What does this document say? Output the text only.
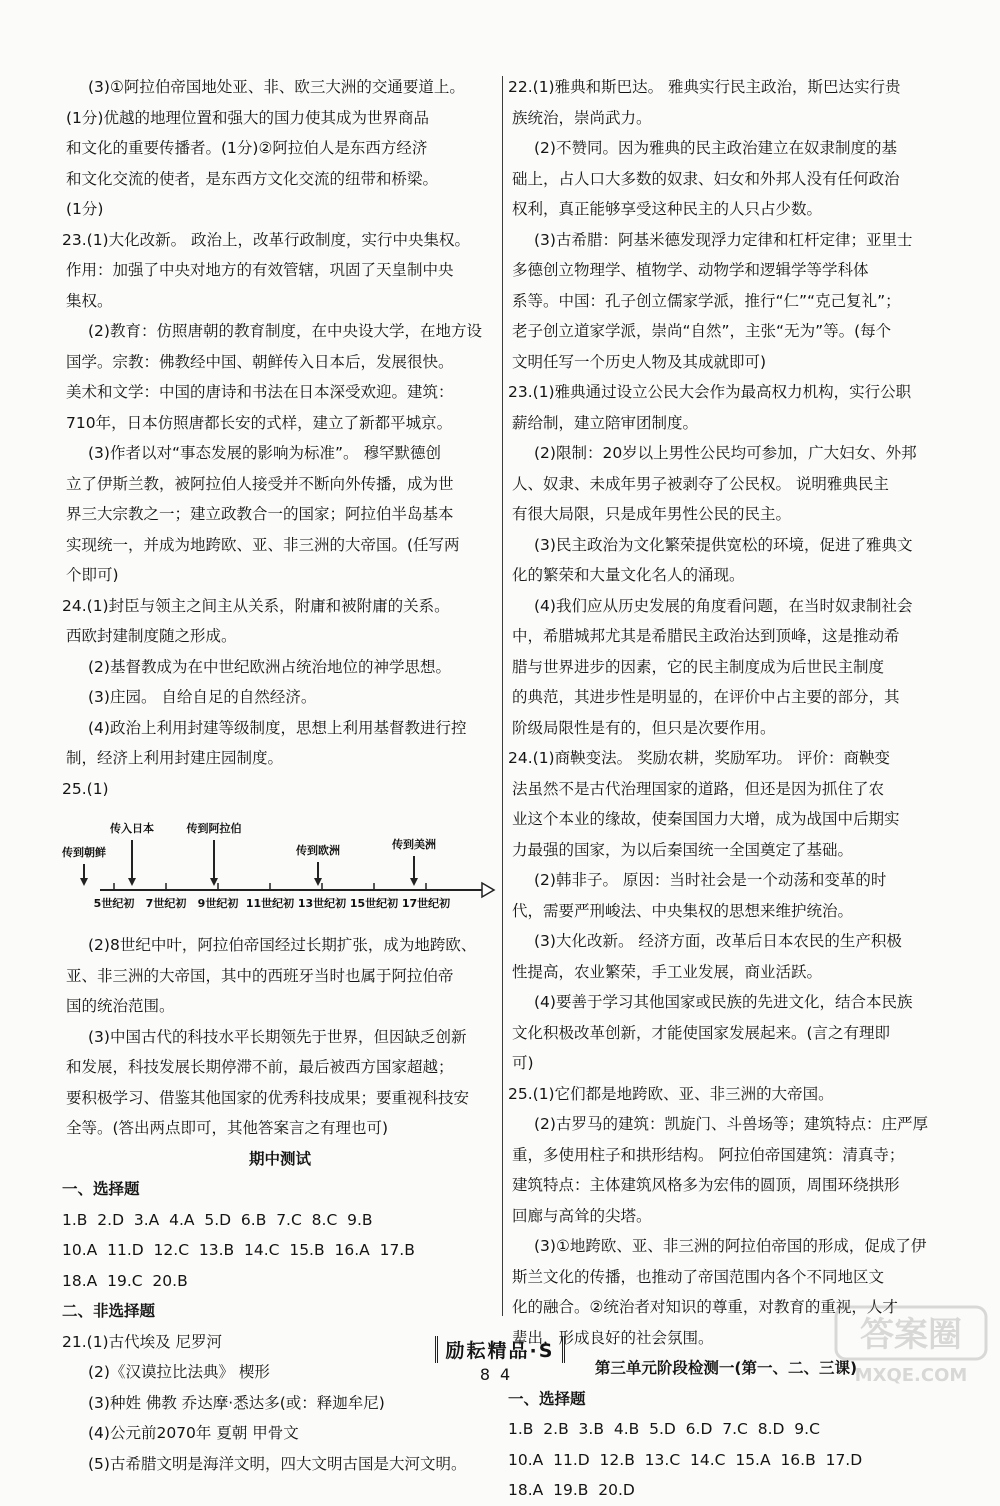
(3)①阿拉伯帝国地处亚、非、欧三大洲的交通要道上。

(1分)优越的地理位置和强大的国力使其成为世界商品

和文化的重要传播者。(1分)②阿拉伯人是东西方经济

和文化交流的使者，是东西方文化交流的纽带和桥梁。

(1分)

23.(1)大化改新。 政治上，改革行政制度，实行中央集权。

作用：加强了中央对地方的有效管辖，巩固了天皇制中央

集权。

(2)教育：仿照唐朝的教育制度，在中央设大学，在地方设

国学。宗教：佛教经中国、朝鲜传入日本后，发展很快。

美术和文学：中国的唐诗和书法在日本深受欢迎。建筑：

710年，日本仿照唐都长安的式样，建立了新都平城京。

(3)作者以对“事态发展的影响为标准”。 穆罕默德创

立了伊斯兰教，被阿拉伯人接受并不断向外传播，成为世

界三大宗教之一；建立政教合一的国家；阿拉伯半岛基本

实现统一，并成为地跨欧、亚、非三洲的大帝国。(任写两

个即可)

24.(1)封臣与领主之间主从关系，附庸和被附庸的关系。

西欧封建制度随之形成。

(2)基督教成为在中世纪欧洲占统治地位的神学思想。

(3)庄园。 自给自足的自然经济。

(4)政治上利用封建等级制度，思想上利用基督教进行控

制，经济上利用封建庄园制度。

25.(1)

5世纪初 7世纪初 9世纪初 11世纪初 13世纪初 15世纪初 17世纪初
传到朝鲜
传入日本	传到阿拉伯
传到欧洲	传到美洲

(2)8世纪中叶，阿拉伯帝国经过长期扩张，成为地跨欧、

亚、非三洲的大帝国，其中的西班牙当时也属于阿拉伯帝

国的统治范围。

(3)中国古代的科技水平长期领先于世界，但因缺乏创新

和发展，科技发展长期停滞不前，最后被西方国家超越；

要积极学习、借鉴其他国家的优秀科技成果；要重视科技安

全等。(答出两点即可，其他答案言之有理也可)

期中测试

一、选择题

1.B  2.D  3.A  4.A  5.D  6.B  7.C  8.C  9.B

10.A  11.D  12.C  13.B  14.C  15.B  16.A  17.B

18.A  19.C  20.B

二、非选择题

21.(1)古代埃及 尼罗河

(2)《汉谟拉比法典》 楔形

(3)种姓 佛教 乔达摩·悉达多(或：释迦牟尼)

(4)公元前2070年 夏朝 甲骨文

(5)古希腊文明是海洋文明，四大文明古国是大河文明。

22.(1)雅典和斯巴达。 雅典实行民主政治，斯巴达实行贵

族统治，崇尚武力。

(2)不赞同。因为雅典的民主政治建立在奴隶制度的基

础上，占人口大多数的奴隶、妇女和外邦人没有任何政治

权利，真正能够享受这种民主的人只占少数。

(3)古希腊：阿基米德发现浮力定律和杠杆定律；亚里士

多德创立物理学、植物学、动物学和逻辑学等学科体

系等。中国：孔子创立儒家学派，推行“仁”“克己复礼”；

老子创立道家学派，崇尚“自然”，主张“无为”等。(每个

文明任写一个历史人物及其成就即可)

23.(1)雅典通过设立公民大会作为最高权力机构，实行公职

薪给制，建立陪审团制度。

(2)限制：20岁以上男性公民均可参加，广大妇女、外邦

人、奴隶、未成年男子被剥夺了公民权。 说明雅典民主

有很大局限，只是成年男性公民的民主。

(3)民主政治为文化繁荣提供宽松的环境，促进了雅典文

化的繁荣和大量文化名人的涌现。

(4)我们应从历史发展的角度看问题，在当时奴隶制社会

中，希腊城邦尤其是希腊民主政治达到顶峰，这是推动希

腊与世界进步的因素，它的民主制度成为后世民主制度

的典范，其进步性是明显的，在评价中占主要的部分，其

阶级局限性是有的，但只是次要作用。

24.(1)商鞅变法。 奖励农耕，奖励军功。 评价：商鞅变

法虽然不是古代治理国家的道路，但还是因为抓住了农

业这个本业的缘故，使秦国国力大增，成为战国中后期实

力最强的国家，为以后秦国统一全国奠定了基础。

(2)韩非子。 原因：当时社会是一个动荡和变革的时

代，需要严刑峻法、中央集权的思想来维护统治。

(3)大化改新。 经济方面，改革后日本农民的生产积极

性提高，农业繁荣，手工业发展，商业活跃。

(4)要善于学习其他国家或民族的先进文化，结合本民族

文化积极改革创新，才能使国家发展起来。(言之有理即

可)

25.(1)它们都是地跨欧、亚、非三洲的大帝国。

(2)古罗马的建筑：凯旋门、斗兽场等；建筑特点：庄严厚

重，多使用柱子和拱形结构。 阿拉伯帝国建筑：清真寺；

建筑特点：主体建筑风格多为宏伟的圆顶，周围环绕拱形

回廊与高耸的尖塔。

(3)①地跨欧、亚、非三洲的阿拉伯帝国的形成，促成了伊

斯兰文化的传播，也推动了帝国范围内各个不同地区文

化的融合。②统治者对知识的尊重，对教育的重视，人才

辈出，形成良好的社会氛围。

第三单元阶段检测一(第一、二、三课)

一、选择题

1.B  2.B  3.B  4.B  5.D  6.D  7.C  8.D  9.C

10.A  11.D  12.B  13.C  14.C  15.A  16.B  17.D

18.A  19.B  20.D

励耘精品·S
84
答案圈
MXQE.COM
